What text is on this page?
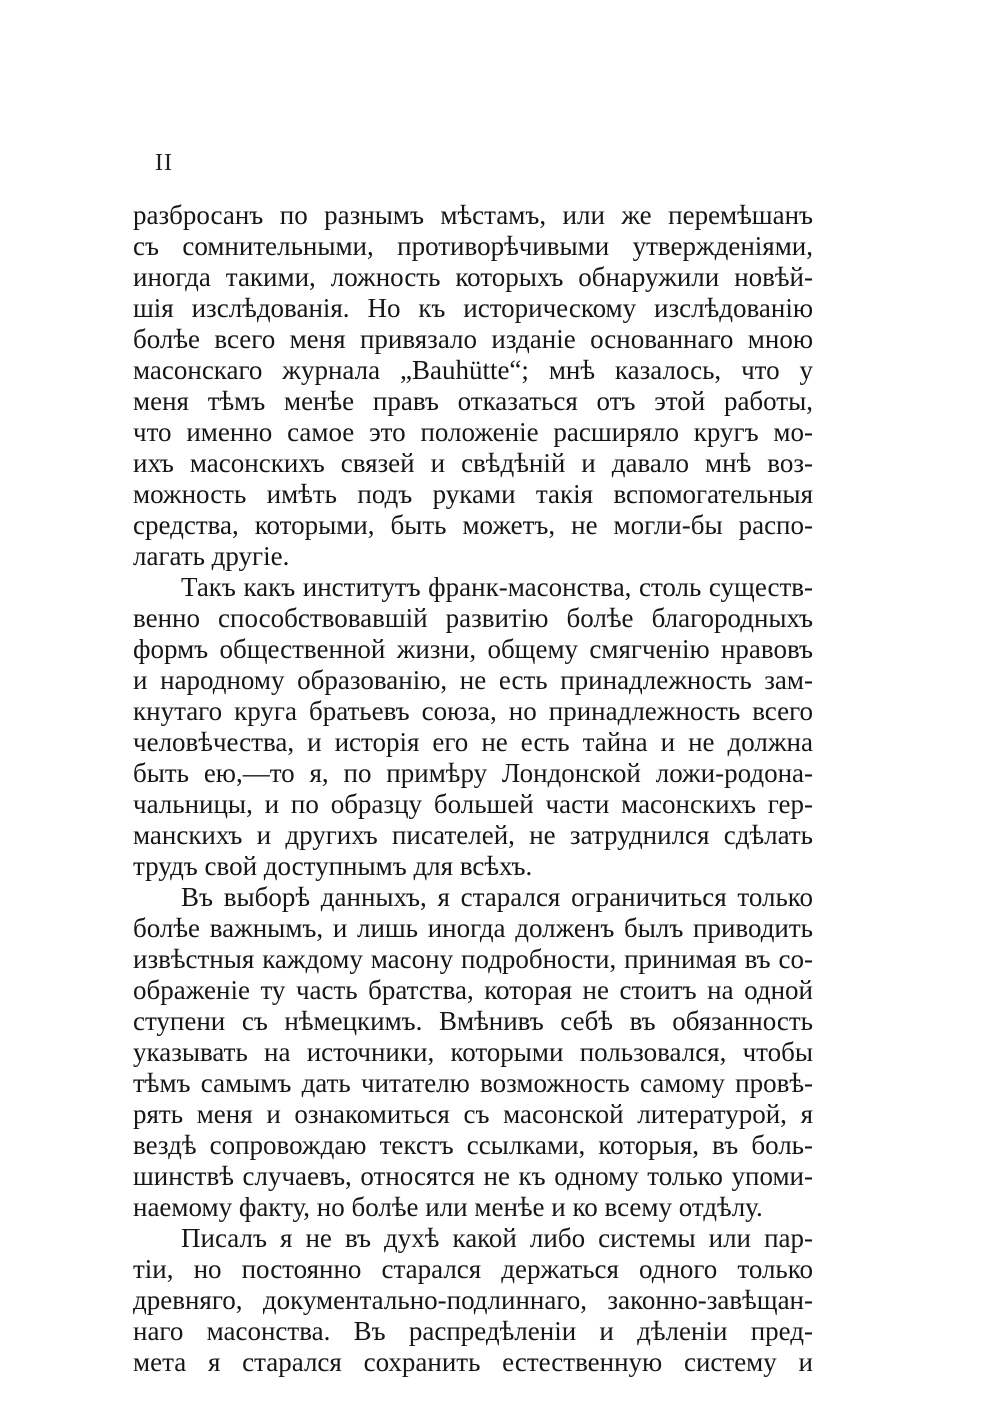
II
разбросанъ по разнымъ мѣстамъ, или же перемѣшанъ
съ сомнительными, противорѣчивыми утвержденіями,
иногда такими, ложность которыхъ обнаружили новѣй-
шія изслѣдованія. Но къ историческому изслѣдованію
болѣе всего меня привязало изданіе основаннаго мною
масонскаго журнала „Bauhütte“; мнѣ казалось, что у
меня тѣмъ менѣе правъ отказаться отъ этой работы,
что именно самое это положеніе расширяло кругъ мо-
ихъ масонскихъ связей и свѣдѣній и давало мнѣ воз-
можность имѣть подъ руками такія вспомогательныя
средства, которыми, быть можетъ, не могли-бы распо-
лагать другіе.
Такъ какъ институтъ франк-масонства, столь существ-
венно способствовавшій развитію болѣе благородныхъ
формъ общественной жизни, общему смягченію нравовъ
и народному образованію, не есть принадлежность зам-
кнутаго круга братьевъ союза, но принадлежность всего
человѣчества, и исторія его не есть тайна и не должна
быть ею,—то я, по примѣру Лондонской ложи-родона-
чальницы, и по образцу большей части масонскихъ гер-
манскихъ и другихъ писателей, не затруднился сдѣлать
трудъ свой доступнымъ для всѣхъ.
Въ выборѣ данныхъ, я старался ограничиться только
болѣе важнымъ, и лишь иногда долженъ былъ приводить
извѣстныя каждому масону подробности, принимая въ со-
ображеніе ту часть братства, которая не стоитъ на одной
ступени съ нѣмецкимъ. Вмѣнивъ себѣ въ обязанность
указывать на источники, которыми пользовался, чтобы
тѣмъ самымъ дать читателю возможность самому провѣ-
рять меня и ознакомиться съ масонской литературой, я
вездѣ сопровождаю текстъ ссылками, которыя, въ боль-
шинствѣ случаевъ, относятся не къ одному только упоми-
наемому факту, но болѣе или менѣе и ко всему отдѣлу.
Писалъ я не въ духѣ какой либо системы или пар-
тіи, но постоянно старался держаться одного только
древняго, документально-подлиннаго, законно-завѣщан-
наго масонства. Въ распредѣленіи и дѣленіи пред-
мета я старался сохранить естественную систему и
